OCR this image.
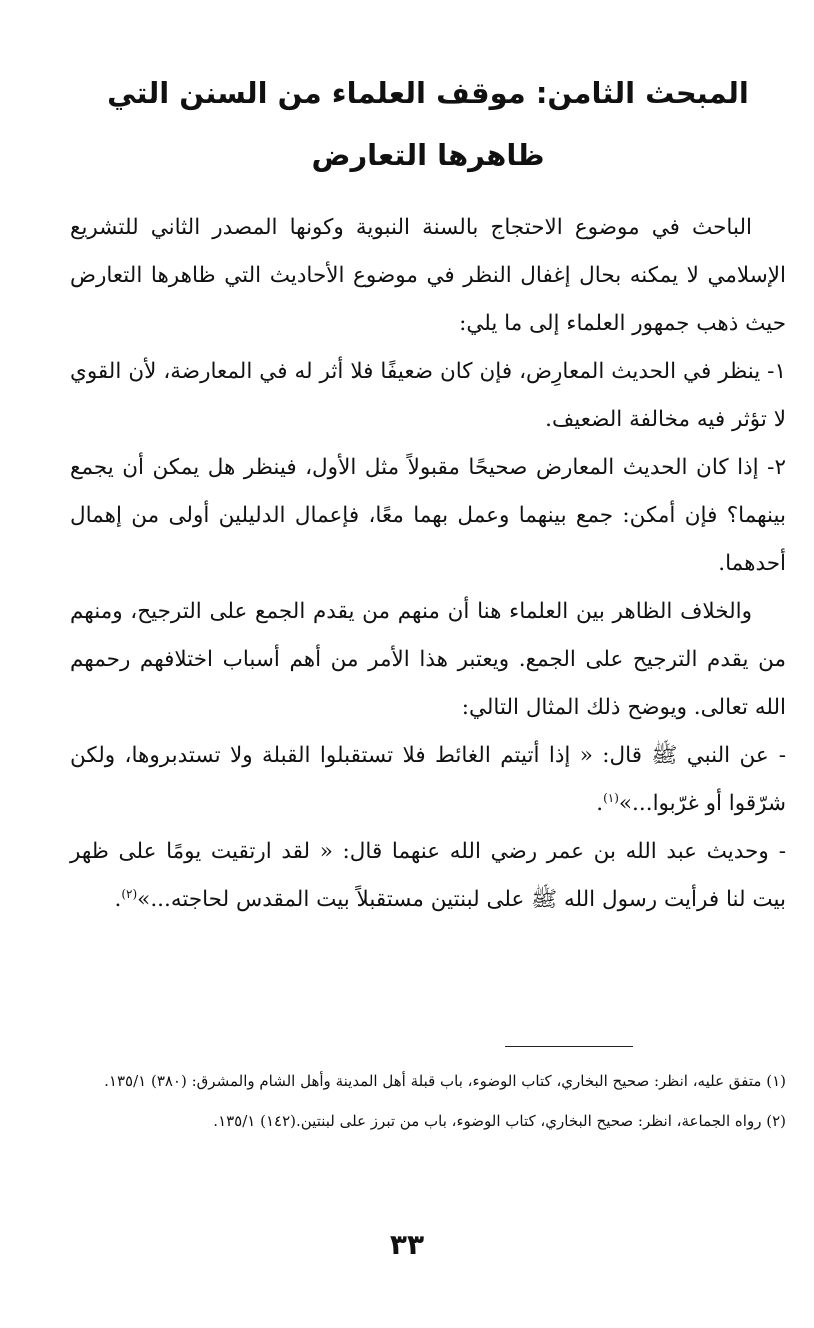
المبحث الثامن: موقف العلماء من السنن التي ظاهرها التعارض

الباحث في موضوع الاحتجاج بالسنة النبوية وكونها المصدر الثاني للتشريع الإسلامي لا يمكنه بحال إغفال النظر في موضوع الأحاديث التي ظاهرها التعارض حيث ذهب جمهور العلماء إلى ما يلي:

١- ينظر في الحديث المعارِض، فإن كان ضعيفًا فلا أثر له في المعارضة، لأن القوي لا تؤثر فيه مخالفة الضعيف.

٢- إذا كان الحديث المعارض صحيحًا مقبولاً مثل الأول، فينظر هل يمكن أن يجمع بينهما؟ فإن أمكن: جمع بينهما وعمل بهما معًا، فإعمال الدليلين أولى من إهمال أحدهما.

والخلاف الظاهر بين العلماء هنا أن منهم من يقدم الجمع على الترجيح، ومنهم من يقدم الترجيح على الجمع. ويعتبر هذا الأمر من أهم أسباب اختلافهم رحمهم الله تعالى. ويوضح ذلك المثال التالي:

-عن النبي ﷺ قال: « إذا أتيتم الغائط فلا تستقبلوا القبلة ولا تستدبروها، ولكن شرّقوا أو غرّبوا...»$^{(١)}$.

-وحديث عبد الله بن عمر رضي الله عنهما قال: « لقد ارتقيت يومًا على ظهر بيت لنا فرأيت رسول الله ﷺ على لبنتين مستقبلاً بيت المقدس لحاجته...»$^{(٢)}$.

(١) متفق عليه، انظر: صحيح البخاري، كتاب الوضوء، باب قبلة أهل المدينة وأهل الشام والمشرق: (٣٨٠) ١٣٥/١.

(٢) رواه الجماعة، انظر: صحيح البخاري، كتاب الوضوء، باب من تبرز على لبنتين.(١٤٢) ١٣٥/١.

٣٣
